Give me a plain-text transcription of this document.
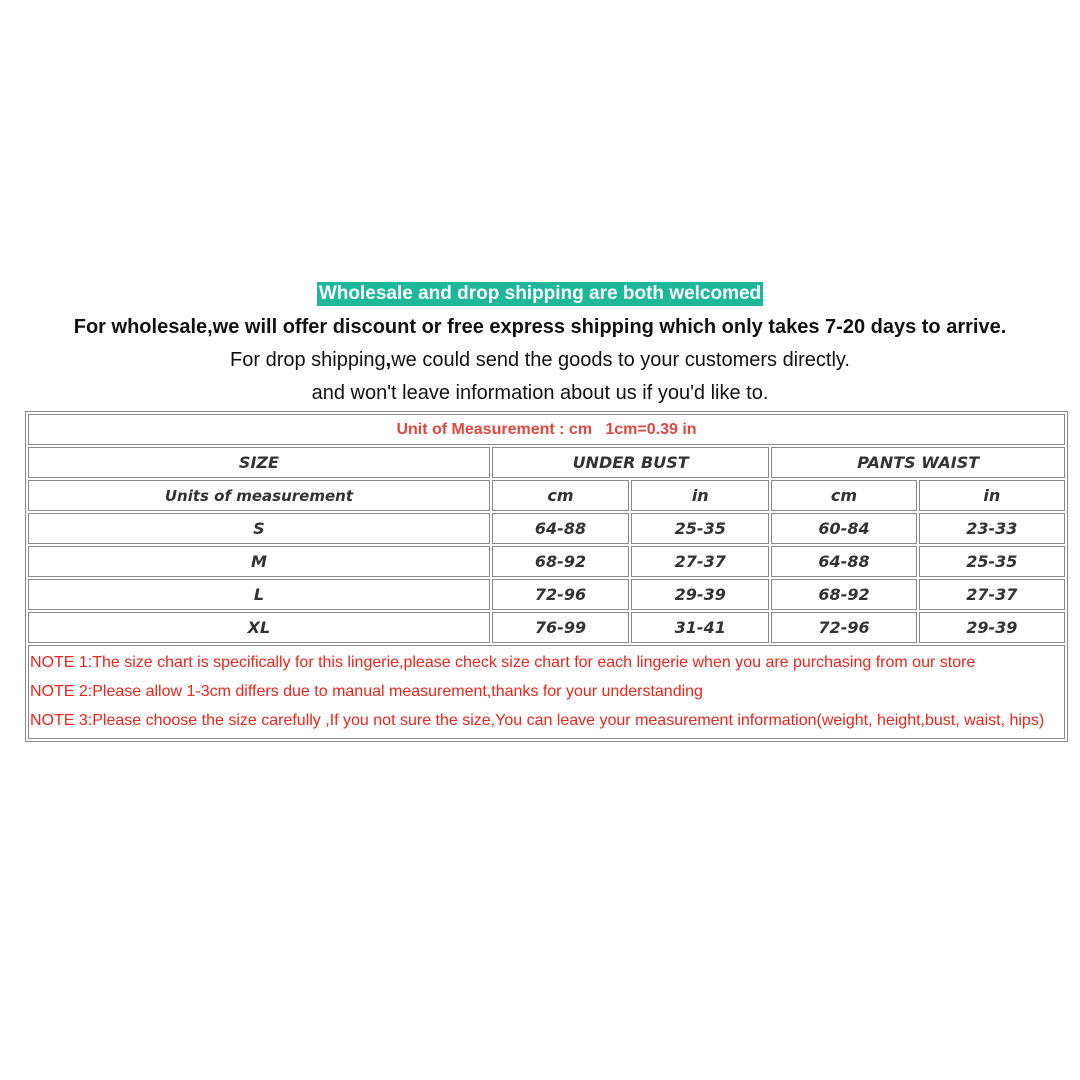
Wholesale and drop shipping are both welcomed
For wholesale,we will offer discount or free express shipping which only takes 7-20 days to arrive.
For drop shipping,we could send the goods to your customers directly.
and won't leave information about us if you'd like to.
Unit of Measurement : cm   1cm=0.39 in				
SIZE	UNDER BUST		PANTS WAIST	
Units of measurement	cm	in	cm	in
S	64-88	25-35	60-84	23-33
M	68-92	27-37	64-88	25-35
L	72-96	29-39	68-92	27-37
XL	76-99	31-41	72-96	29-39

NOTE 1:The size chart is specifically for this lingerie,please check size chart for each lingerie when you are purchasing from our store
NOTE 2:Please allow 1-3cm differs due to manual measurement,thanks for your understanding
NOTE 3:Please choose the size carefully ,If you not sure the size,You can leave your measurement information(weight, height,bust, waist, hips)				
